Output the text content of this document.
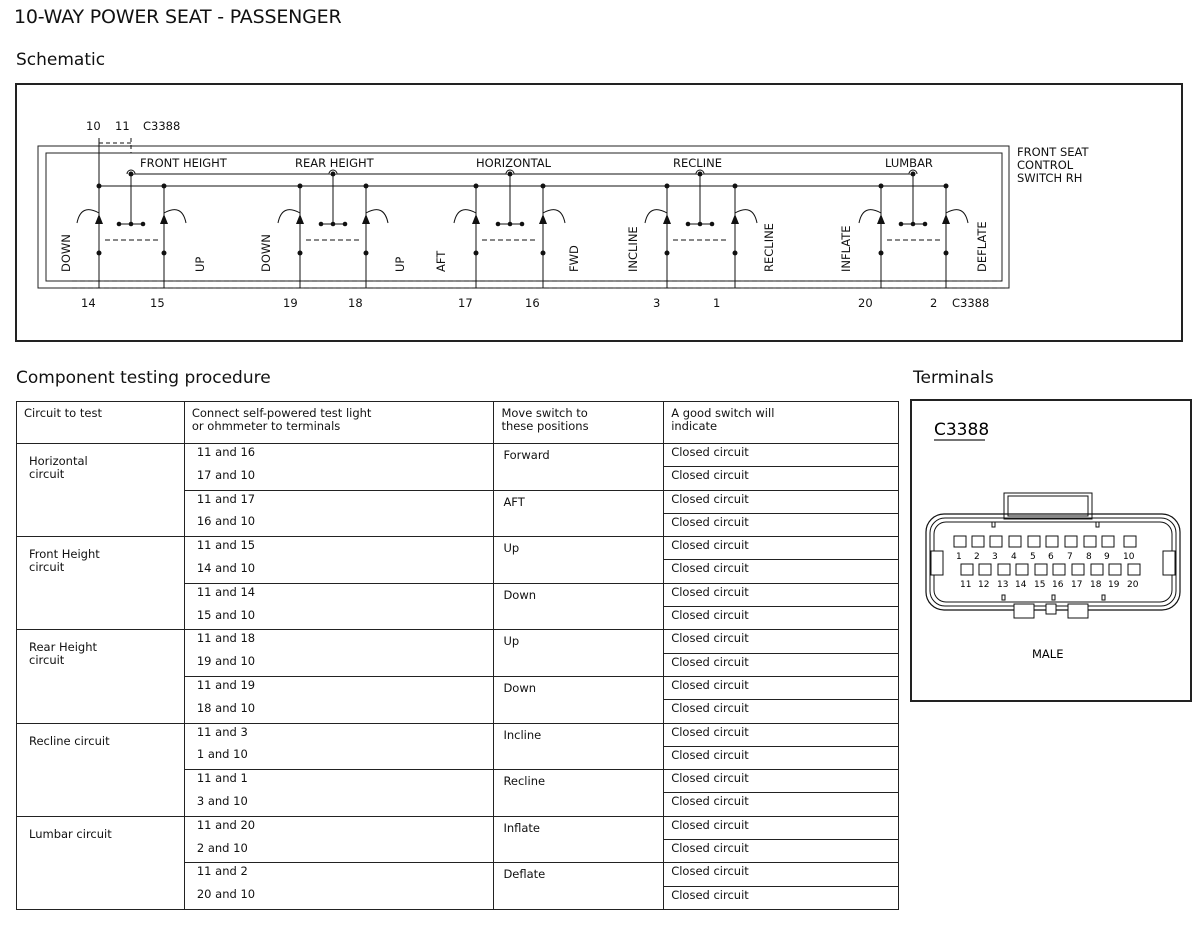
10-WAY POWER SEAT - PASSENGER
Schematic
FRONT HEIGHT
DOWN	UP
14	15
REAR HEIGHT
DOWN	UP
19	18
HORIZONTAL
AFT	FWD
17	16
RECLINE
INCLINE	RECLINE
3	1
LUMBAR
INFLATE	DEFLATE
20	2
10 11 C3388
C3388
FRONT SEAT
CONTROL
SWITCH RH
Component testing procedure
Circuit to test	Connect self-powered test light or ohmmeter to terminals	Move switch to these positions	A good switch will indicate
Horizontal circuit	11 and 16	Forward	Closed circuit
	17 and 10		Closed circuit
	11 and 17	AFT	Closed circuit
	16 and 10		Closed circuit
Front Height circuit	11 and 15	Up	Closed circuit
	14 and 10		Closed circuit
	11 and 14	Down	Closed circuit
	15 and 10		Closed circuit
Rear Height circuit	11 and 18	Up	Closed circuit
	19 and 10		Closed circuit
	11 and 19	Down	Closed circuit
	18 and 10		Closed circuit
Recline circuit	11 and 3	Incline	Closed circuit
	1 and 10		Closed circuit
	11 and 1	Recline	Closed circuit
	3 and 10		Closed circuit
Lumbar circuit	11 and 20	Inflate	Closed circuit
	2 and 10		Closed circuit
	11 and 2	Deflate	Closed circuit
	20 and 10		Closed circuit
Terminals
C3388
1 2 3 4 5 6 7 8 9 10
11 12 13 14 15 16 17 18 19 20
MALE
